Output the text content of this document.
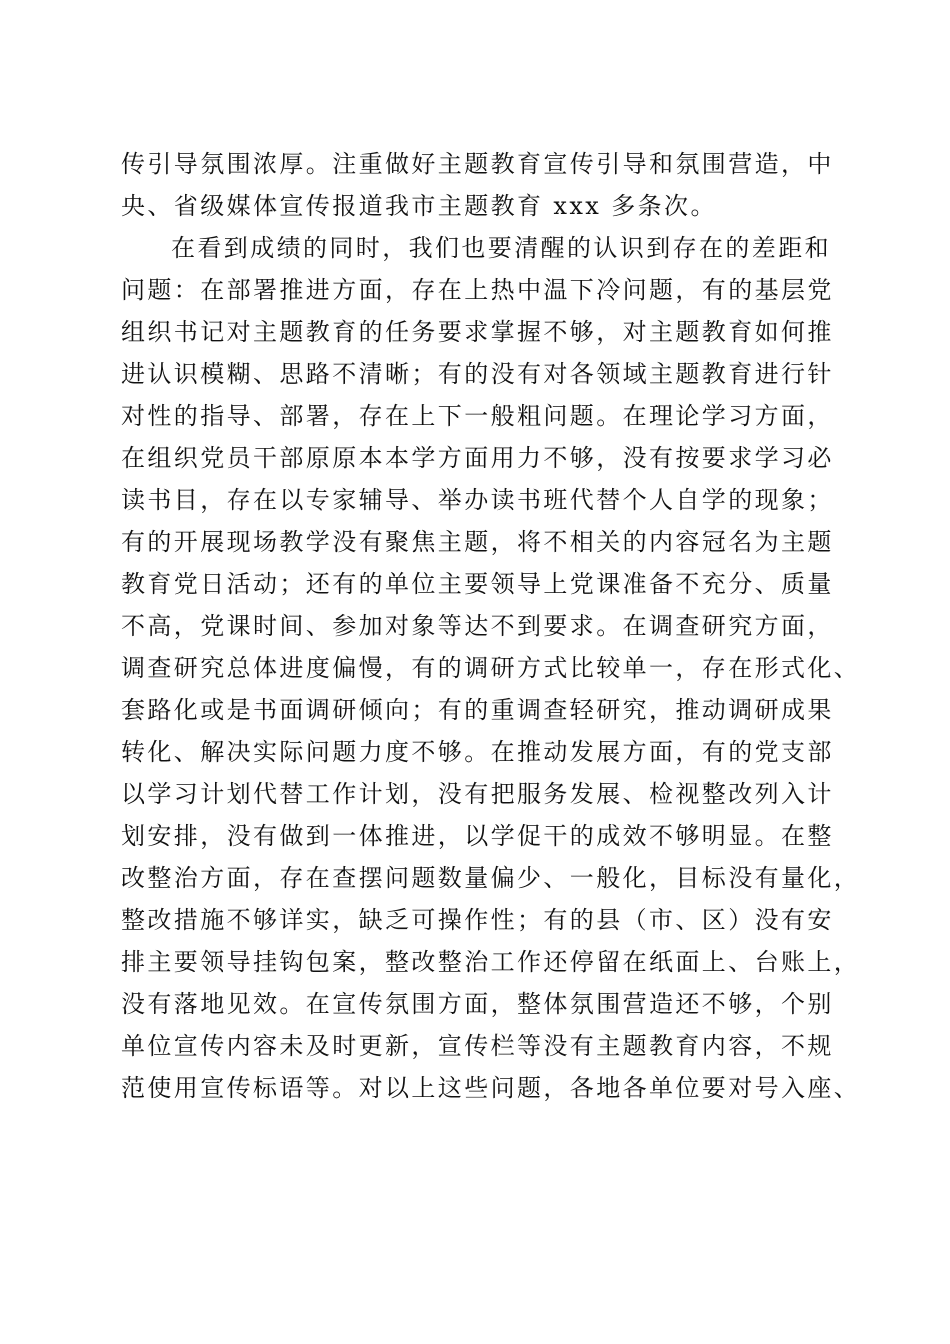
传引导氛围浓厚。注重做好主题教育宣传引导和氛围营造，中
央、省级媒体宣传报道我市主题教育 xxx 多条次。
在看到成绩的同时，我们也要清醒的认识到存在的差距和
问题：在部署推进方面，存在上热中温下冷问题，有的基层党
组织书记对主题教育的任务要求掌握不够，对主题教育如何推
进认识模糊、思路不清晰；有的没有对各领域主题教育进行针
对性的指导、部署，存在上下一般粗问题。在理论学习方面，
在组织党员干部原原本本学方面用力不够，没有按要求学习必
读书目，存在以专家辅导、举办读书班代替个人自学的现象；
有的开展现场教学没有聚焦主题，将不相关的内容冠名为主题
教育党日活动；还有的单位主要领导上党课准备不充分、质量
不高，党课时间、参加对象等达不到要求。在调查研究方面，
调查研究总体进度偏慢，有的调研方式比较单一，存在形式化、
套路化或是书面调研倾向；有的重调查轻研究，推动调研成果
转化、解决实际问题力度不够。在推动发展方面，有的党支部
以学习计划代替工作计划，没有把服务发展、检视整改列入计
划安排，没有做到一体推进，以学促干的成效不够明显。在整
改整治方面，存在查摆问题数量偏少、一般化，目标没有量化，
整改措施不够详实，缺乏可操作性；有的县（市、区）没有安
排主要领导挂钩包案，整改整治工作还停留在纸面上、台账上，
没有落地见效。在宣传氛围方面，整体氛围营造还不够，个别
单位宣传内容未及时更新，宣传栏等没有主题教育内容，不规
范使用宣传标语等。对以上这些问题，各地各单位要对号入座、
